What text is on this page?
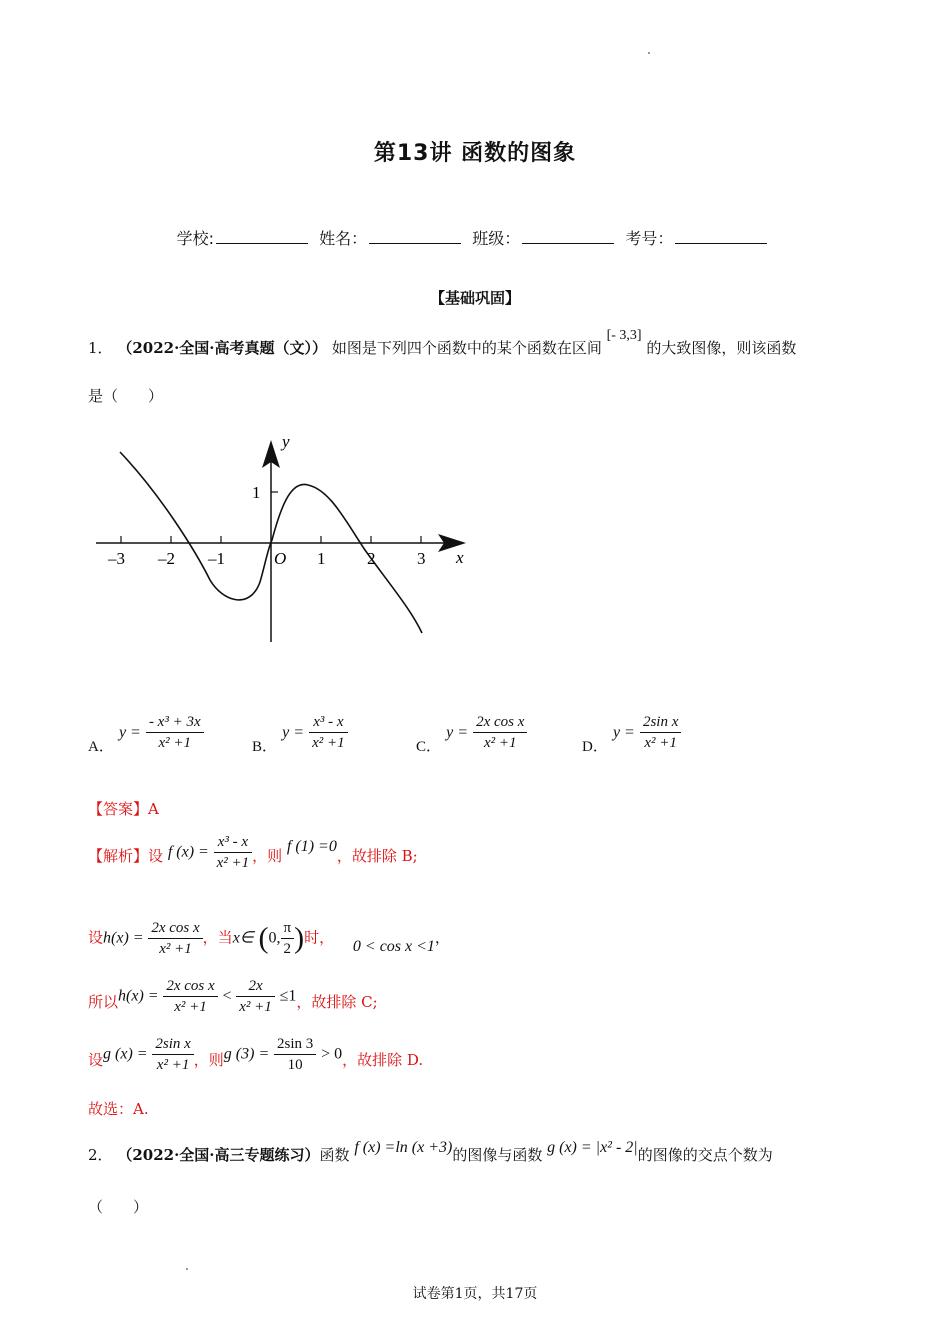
第13讲 函数的图象
学校:	姓名：	班级：	考号：
【基础巩固】
1． （2022·全国·高考真题（文）） 如图是下列四个函数中的某个函数在区间 [- 3,3] 的大致图像，则该函数
是（　　）
y
x
O
1
–3 –2 –1	1 2 3
A． $y = \frac{\text{- x³ + 3x}}{\text{x² +1}}$	B． $y = \frac{\text{x³ - x}}{\text{x² +1}}$	C． $y = \frac{\text{2x cos x}}{\text{x² +1}}$	D． $y = \frac{\text{2sin x}}{\text{x² +1}}$
【答案】A
【解析】设 f $(x) = \frac{\text{x³ - x}}{\text{x² +1}}$ ，则 f (1) =0，故排除 B;
设$h(x) = \frac{\text{2x cos x}}{\text{x² +1}}$ ，当x∈ (0, $\frac{\pi}{2}$ )时， 0 < cos x <1，
所以$h(x) = \frac{\text{2x cos x}}{\text{x² +1}} < \frac{2x}{\text{x² +1}} \le 1$，故排除 C;
设g $(x) = \frac{\text{2sin x}}{\text{x² +1}}$ ，则g $(3) = \frac{2\sin 3}{10} > 0$，故排除 D.
故选：A.
2． （2022·全国·高三专题练习）函数 f (x) =ln (x +3)的图像与函数 g (x) = |x² - 2|的图像的交点个数为
（　　）
试卷第1页，共17页
